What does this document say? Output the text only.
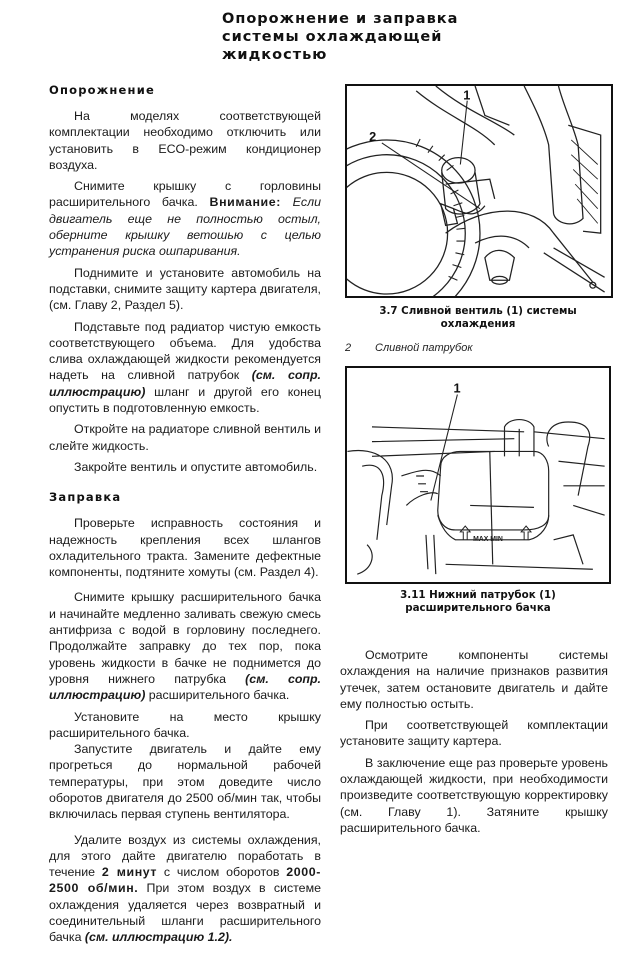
Опорожнение и заправка
системы охлаждающей
жидкостью
Опорожнение

На моделях соответствующей комплектации необходимо отключить или установить в ECO-режим кондиционер воздуха.

Снимите крышку с горловины расширительного бачка. Внимание: Если двигатель еще не полностью остыл, оберните крышку ветошью с целью устранения риска ошпаривания.

Поднимите и установите автомобиль на подставки, снимите защиту картера двигателя, (см. Главу 2, Раздел 5).

Подставьте под радиатор чистую емкость соответствующего объема. Для удобства слива охлаждающей жидкости рекомендуется надеть на сливной патрубок (см. сопр. иллюстрацию) шланг и другой его конец опустить в подготовленную емкость.

Откройте на радиаторе сливной вентиль и слейте жидкость.

Закройте вентиль и опустите автомобиль.

Заправка

Проверьте исправность состояния и надежность крепления всех шлангов охладительного тракта. Замените дефектные компоненты, подтяните хомуты (см. Раздел 4).

Снимите крышку расширительного бачка и начинайте медленно заливать свежую смесь антифриза с водой в горловину последнего. Продолжайте заправку до тех пор, пока уровень жидкости в бачке не поднимется до уровня нижнего патрубка (см. сопр. иллюстрацию) расширительного бачка.

Установите на место крышку расширительного бачка.

Запустите двигатель и дайте ему прогреться до нормальной рабочей температуры, при этом доведите число оборотов двигателя до 2500 об/мин так, чтобы включилась первая ступень вентилятора.

Удалите воздух из системы охлаждения, для этого дайте двигателю поработать в течение 2 минут с числом оборотов 2000-2500 об/мин. При этом воздух в системе охлаждения удаляется через возвратный и соединительный шланги расширительного бачка (см. иллюстрацию 1.2).

1
2
3.7 Сливной вентиль (1) системы охлаждения
2 Сливной патрубок
MAX MIN
1
3.11 Нижний патрубок (1) расширительного бачка

Осмотрите компоненты системы охлаждения на наличие признаков развития утечек, затем остановите двигатель и дайте ему полностью остыть.

При соответствующей комплектации установите защиту картера.

В заключение еще раз проверьте уровень охлаждающей жидкости, при необходимости произведите соответствующую корректировку (см. Главу 1). Затяните крышку расширительного бачка.
